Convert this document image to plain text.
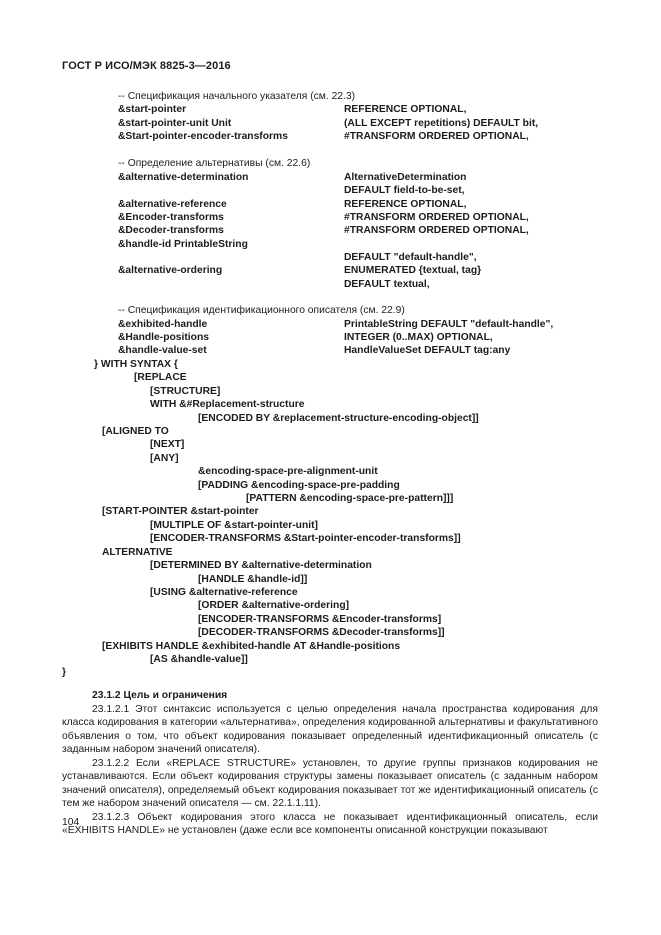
ГОСТ Р ИСО/МЭК 8825-3—2016
-- Спецификация начального указателя (см. 22.3)
&start-pointer	REFERENCE OPTIONAL,
&start-pointer-unit Unit	(ALL EXCEPT repetitions) DEFAULT bit,
&Start-pointer-encoder-transforms	#TRANSFORM ORDERED OPTIONAL,
-- Определение альтернативы (см. 22.6)
&alternative-determination	AlternativeDetermination
DEFAULT field-to-be-set,
&alternative-reference	REFERENCE OPTIONAL,
&Encoder-transforms	#TRANSFORM ORDERED OPTIONAL,
&Decoder-transforms	#TRANSFORM ORDERED OPTIONAL,
&handle-id PrintableString
DEFAULT "default-handle",
&alternative-ordering	ENUMERATED {textual, tag}
DEFAULT textual,
-- Спецификация идентификационного описателя (см. 22.9)
&exhibited-handle	PrintableString DEFAULT "default-handle",
&Handle-positions	INTEGER (0..MAX) OPTIONAL,
&handle-value-set	HandleValueSet DEFAULT tag:any
} WITH SYNTAX {
[REPLACE
[STRUCTURE]
WITH &#Replacement-structure
[ENCODED BY &replacement-structure-encoding-object]]
[ALIGNED TO
[NEXT]
[ANY]
&encoding-space-pre-alignment-unit
[PADDING &encoding-space-pre-padding
[PATTERN &encoding-space-pre-pattern]]]
[START-POINTER &start-pointer
[MULTIPLE OF &start-pointer-unit]
[ENCODER-TRANSFORMS &Start-pointer-encoder-transforms]]
ALTERNATIVE
[DETERMINED BY &alternative-determination
[HANDLE &handle-id]]
[USING &alternative-reference
[ORDER &alternative-ordering]
[ENCODER-TRANSFORMS &Encoder-transforms]
[DECODER-TRANSFORMS &Decoder-transforms]]
[EXHIBITS HANDLE &exhibited-handle AT &Handle-positions
[AS &handle-value]]
}
23.1.2 Цель и ограничения

23.1.2.1 Этот синтаксис используется с целью определения начала пространства кодирования для класса кодирования в категории «альтернатива», определения кодированной альтернативы и факультативного объявления о том, что объект кодирования показывает определенный идентификационный описатель (с заданным набором значений описателя).

23.1.2.2 Если «REPLACE STRUCTURE» установлен, то другие группы признаков кодирования не устанавливаются. Если объект кодирования структуры замены показывает описатель (с заданным набором значений описателя), определяемый объект кодирования показывает тот же идентификационный описатель (с тем же набором значений описателя — см. 22.1.1.11).

23.1.2.3 Объект кодирования этого класса не показывает идентификационный описатель, если «EXHIBITS HANDLE» не установлен (даже если все компоненты описанной конструкции показывают

104
